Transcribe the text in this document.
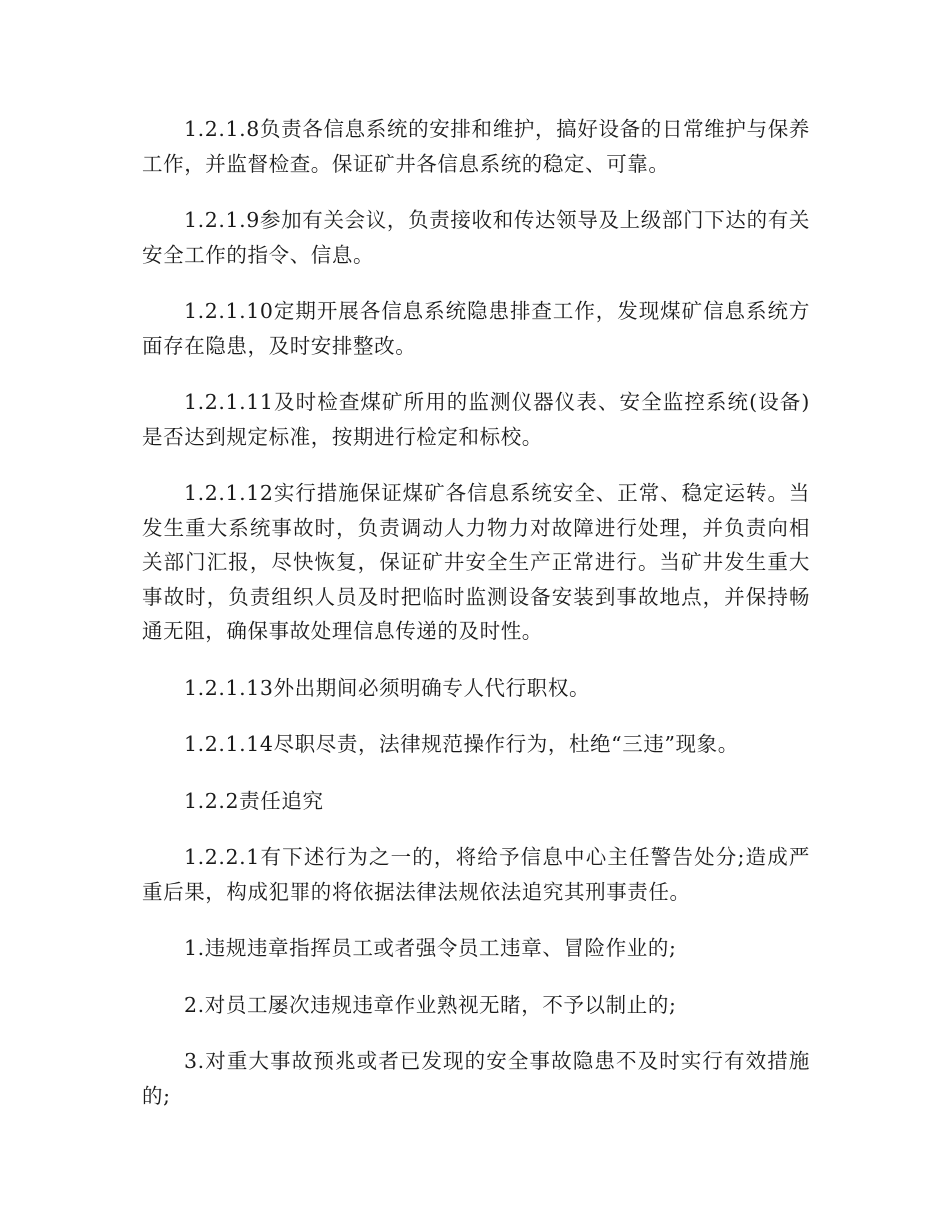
1.2.1.8负责各信息系统的安排和维护，搞好设备的日常维护与保养工作，并监督检查。保证矿井各信息系统的稳定、可靠。

1.2.1.9参加有关会议，负责接收和传达领导及上级部门下达的有关安全工作的指令、信息。

1.2.1.10定期开展各信息系统隐患排查工作，发现煤矿信息系统方面存在隐患，及时安排整改。

1.2.1.11及时检查煤矿所用的监测仪器仪表、安全监控系统(设备)是否达到规定标准，按期进行检定和标校。

1.2.1.12实行措施保证煤矿各信息系统安全、正常、稳定运转。当发生重大系统事故时，负责调动人力物力对故障进行处理，并负责向相关部门汇报，尽快恢复，保证矿井安全生产正常进行。当矿井发生重大事故时，负责组织人员及时把临时监测设备安装到事故地点，并保持畅通无阻，确保事故处理信息传递的及时性。

1.2.1.13外出期间必须明确专人代行职权。

1.2.1.14尽职尽责，法律规范操作行为，杜绝“三违”现象。

1.2.2责任追究

1.2.2.1有下述行为之一的，将给予信息中心主任警告处分;造成严重后果，构成犯罪的将依据法律法规依法追究其刑事责任。

1.违规违章指挥员工或者强令员工违章、冒险作业的;

2.对员工屡次违规违章作业熟视无睹，不予以制止的;

3.对重大事故预兆或者已发现的安全事故隐患不及时实行有效措施的;
